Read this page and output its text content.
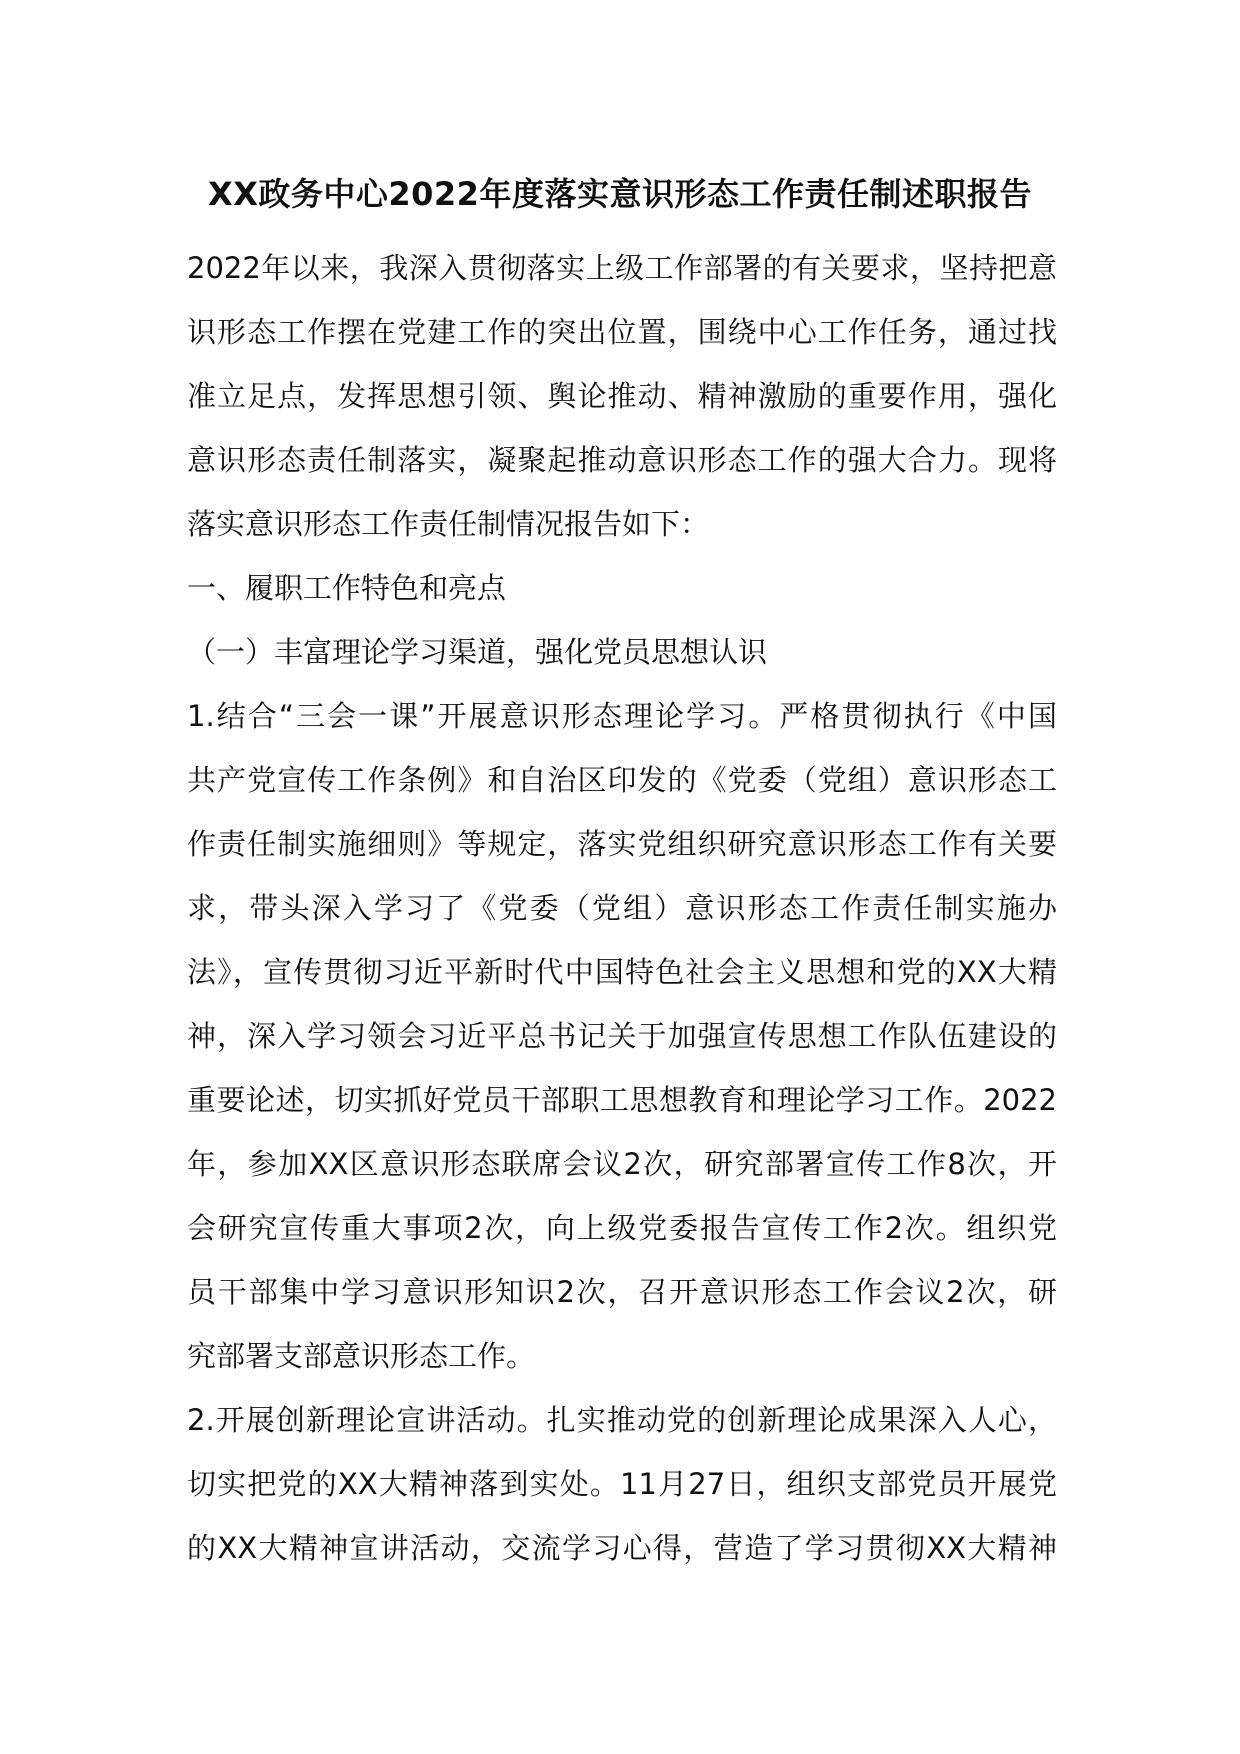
XX政务中心2022年度落实意识形态工作责任制述职报告
2022年以来，我深入贯彻落实上级工作部署的有关要求，坚持把意
识形态工作摆在党建工作的突出位置，围绕中心工作任务，通过找
准立足点，发挥思想引领、舆论推动、精神激励的重要作用，强化
意识形态责任制落实，凝聚起推动意识形态工作的强大合力。现将
落实意识形态工作责任制情况报告如下：
一、履职工作特色和亮点
（一）丰富理论学习渠道，强化党员思想认识
1.结合“三会一课”开展意识形态理论学习。严格贯彻执行《中国
共产党宣传工作条例》和自治区印发的《党委（党组）意识形态工
作责任制实施细则》等规定，落实党组织研究意识形态工作有关要
求，带头深入学习了《党委（党组）意识形态工作责任制实施办
法》，宣传贯彻习近平新时代中国特色社会主义思想和党的XX大精
神，深入学习领会习近平总书记关于加强宣传思想工作队伍建设的
重要论述，切实抓好党员干部职工思想教育和理论学习工作。2022
年，参加XX区意识形态联席会议2次，研究部署宣传工作8次，开
会研究宣传重大事项2次，向上级党委报告宣传工作2次。组织党
员干部集中学习意识形知识2次，召开意识形态工作会议2次，研
究部署支部意识形态工作。
2.开展创新理论宣讲活动。扎实推动党的创新理论成果深入人心，
切实把党的XX大精神落到实处。11月27日，组织支部党员开展党
的XX大精神宣讲活动，交流学习心得，营造了学习贯彻XX大精神
